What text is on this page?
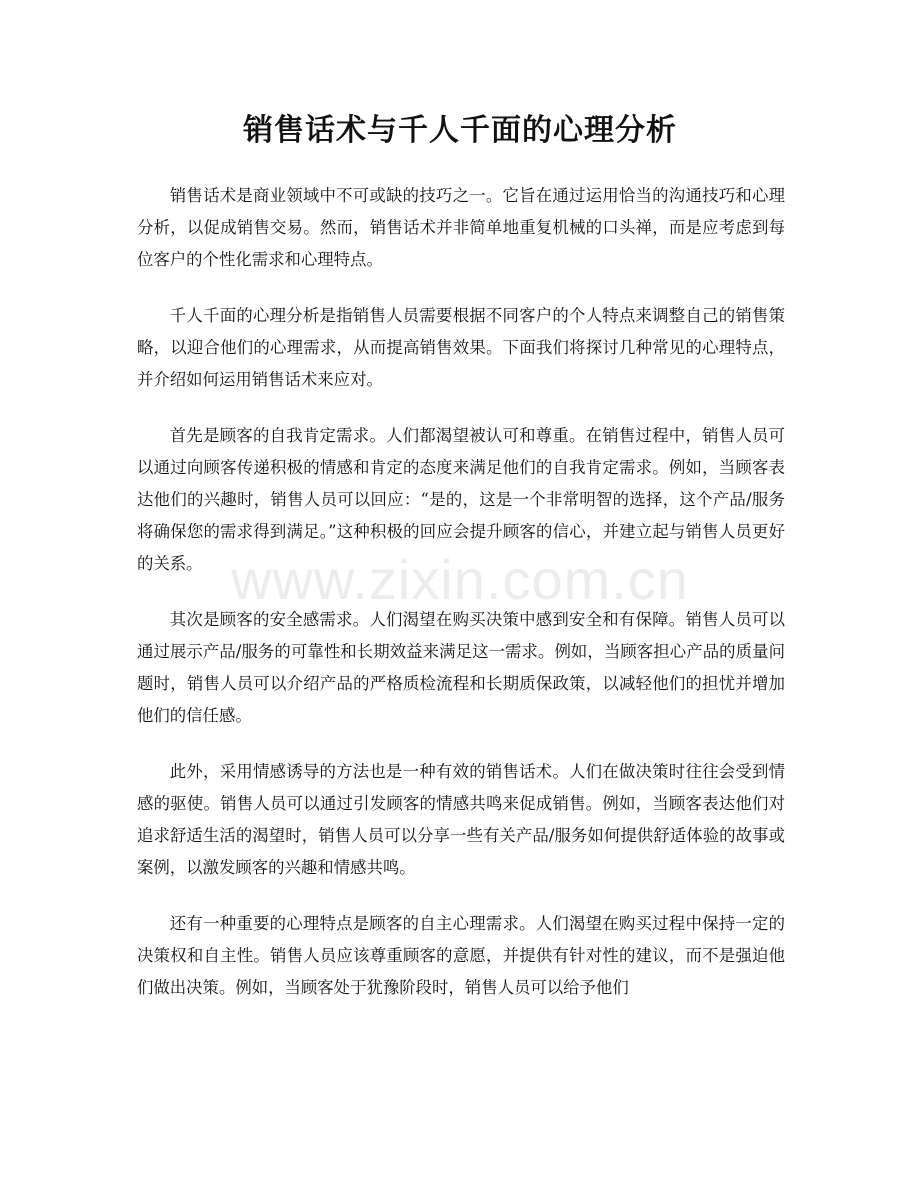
销售话术与千人千面的心理分析

销售话术是商业领域中不可或缺的技巧之一。它旨在通过运用恰当的沟通技巧和心理分析，以促成销售交易。然而，销售话术并非简单地重复机械的口头禅，而是应考虑到每位客户的个性化需求和心理特点。

千人千面的心理分析是指销售人员需要根据不同客户的个人特点来调整自己的销售策略，以迎合他们的心理需求，从而提高销售效果。下面我们将探讨几种常见的心理特点，并介绍如何运用销售话术来应对。

首先是顾客的自我肯定需求。人们都渴望被认可和尊重。在销售过程中，销售人员可以通过向顾客传递积极的情感和肯定的态度来满足他们的自我肯定需求。例如，当顾客表达他们的兴趣时，销售人员可以回应：“是的，这是一个非常明智的选择，这个产品/服务将确保您的需求得到满足。”这种积极的回应会提升顾客的信心，并建立起与销售人员更好的关系。

其次是顾客的安全感需求。人们渴望在购买决策中感到安全和有保障。销售人员可以通过展示产品/服务的可靠性和长期效益来满足这一需求。例如，当顾客担心产品的质量问题时，销售人员可以介绍产品的严格质检流程和长期质保政策，以减轻他们的担忧并增加他们的信任感。

此外，采用情感诱导的方法也是一种有效的销售话术。人们在做决策时往往会受到情感的驱使。销售人员可以通过引发顾客的情感共鸣来促成销售。例如，当顾客表达他们对追求舒适生活的渴望时，销售人员可以分享一些有关产品/服务如何提供舒适体验的故事或案例，以激发顾客的兴趣和情感共鸣。

还有一种重要的心理特点是顾客的自主心理需求。人们渴望在购买过程中保持一定的决策权和自主性。销售人员应该尊重顾客的意愿，并提供有针对性的建议，而不是强迫他们做出决策。例如，当顾客处于犹豫阶段时，销售人员可以给予他们

www.zixin.com.cn
